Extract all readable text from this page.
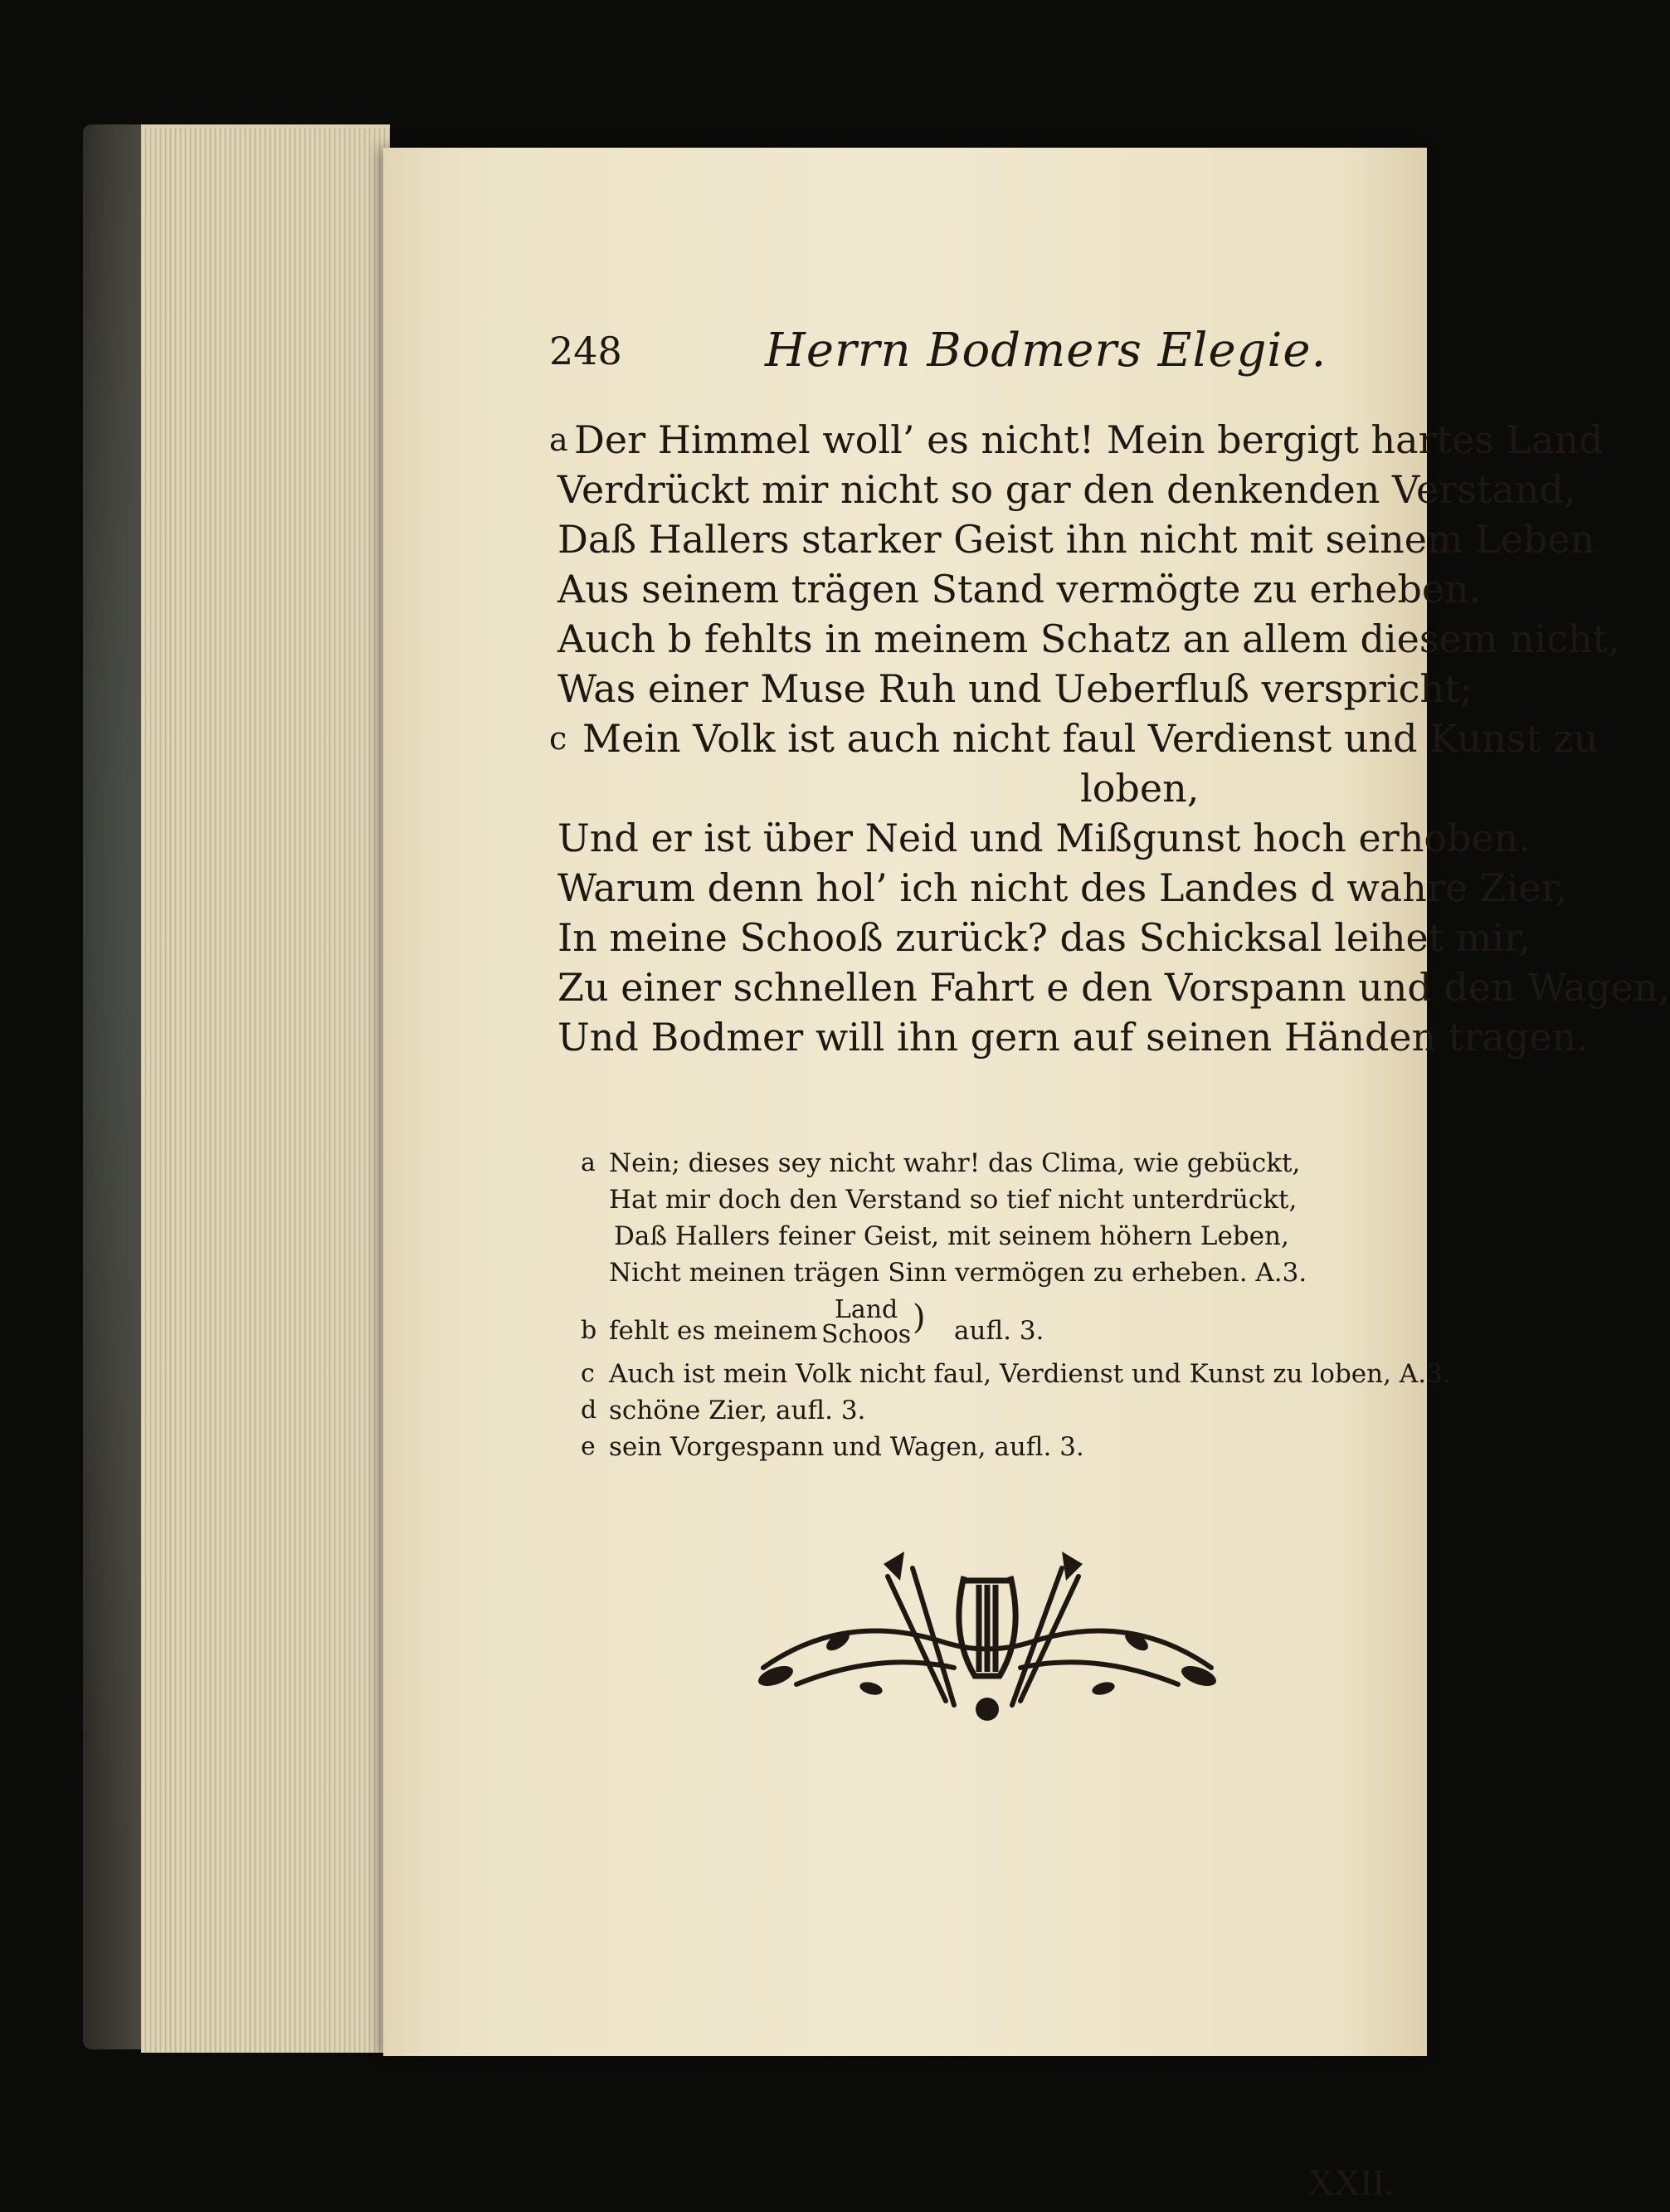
248	Herrn Bodmers Elegie.
a Der Himmel woll’ es nicht! Mein bergigt hartes Land
Verdrückt mir nicht so gar den denkenden Verstand,
Daß Hallers starker Geist ihn nicht mit seinem Leben
Aus seinem trägen Stand vermögte zu erheben.
Auch b fehlts in meinem Schatz an allem diesem nicht,
Was einer Muse Ruh und Ueberfluß verspricht;
c Mein Volk ist auch nicht faul Verdienst und Kunst zu
loben,
Und er ist über Neid und Mißgunst hoch erhoben.
Warum denn hol’ ich nicht des Landes d wahre Zier,
In meine Schooß zurück? das Schicksal leihet mir,
Zu einer schnellen Fahrt e den Vorspann und den Wagen,
Und Bodmer will ihn gern auf seinen Händen tragen.
a Nein; dieses sey nicht wahr! das Clima, wie gebückt,
Hat mir doch den Verstand so tief nicht unterdrückt,
Daß Hallers feiner Geist, mit seinem höhern Leben,
Nicht meinen trägen Sinn vermögen zu erheben. A.3.
b fehlt es meinem
Land
Schoos ) aufl. 3.
c Auch ist mein Volk nicht faul, Verdienst und Kunst zu loben, A.3.
d schöne Zier, aufl. 3.
e sein Vorgespann und Wagen, aufl. 3.
XXII.
